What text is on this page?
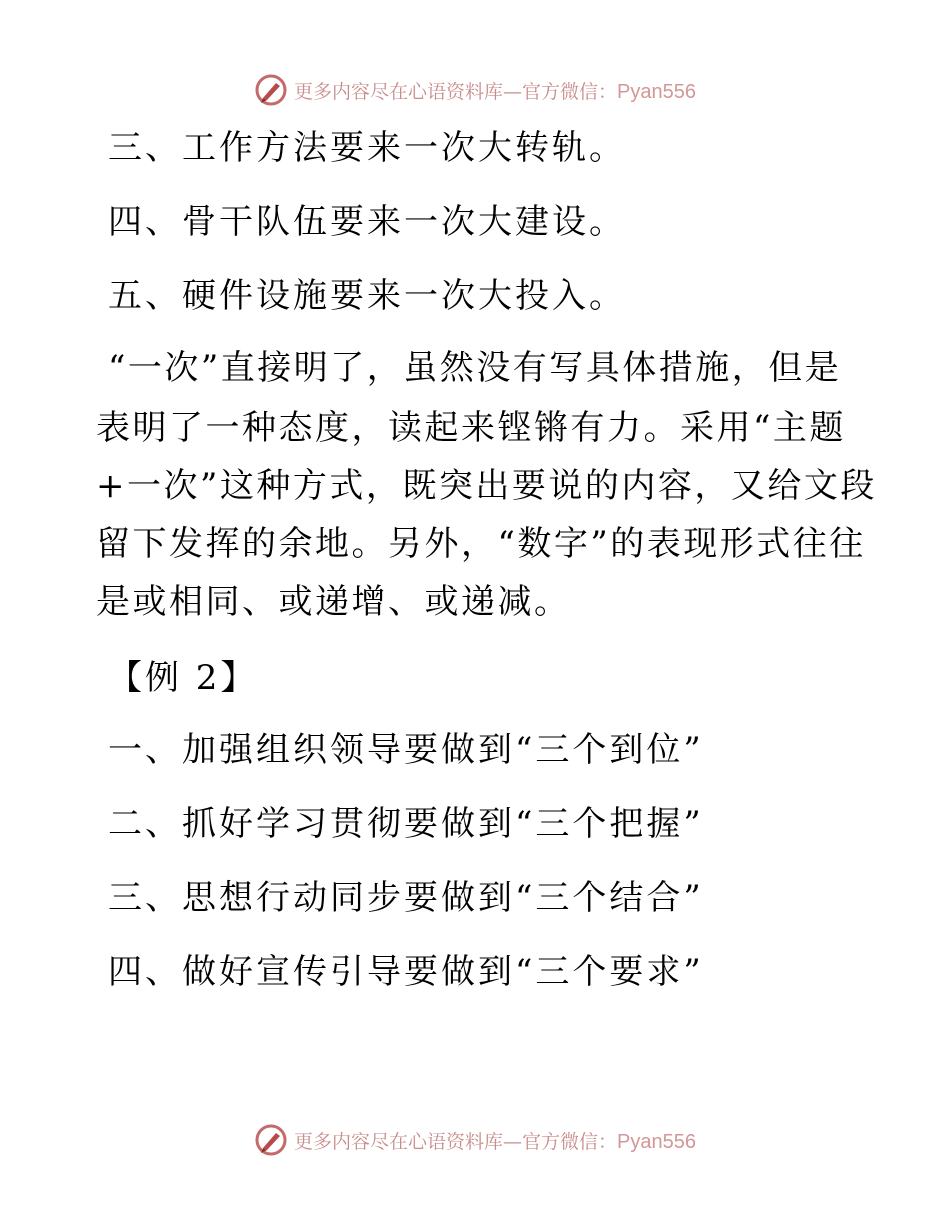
更多内容尽在心语资料库—官方微信：Pyan556
三、工作方法要来一次大转轨。
四、骨干队伍要来一次大建设。
五、硬件设施要来一次大投入。
“一次”直接明了，虽然没有写具体措施，但是
表明了一种态度，读起来铿锵有力。采用“主题
+一次”这种方式，既突出要说的内容，又给文段
留下发挥的余地。另外，“数字”的表现形式往往
是或相同、或递增、或递减。
【例 2】
一、加强组织领导要做到“三个到位”
二、抓好学习贯彻要做到“三个把握”
三、思想行动同步要做到“三个结合”
四、做好宣传引导要做到“三个要求”
更多内容尽在心语资料库—官方微信：Pyan556
